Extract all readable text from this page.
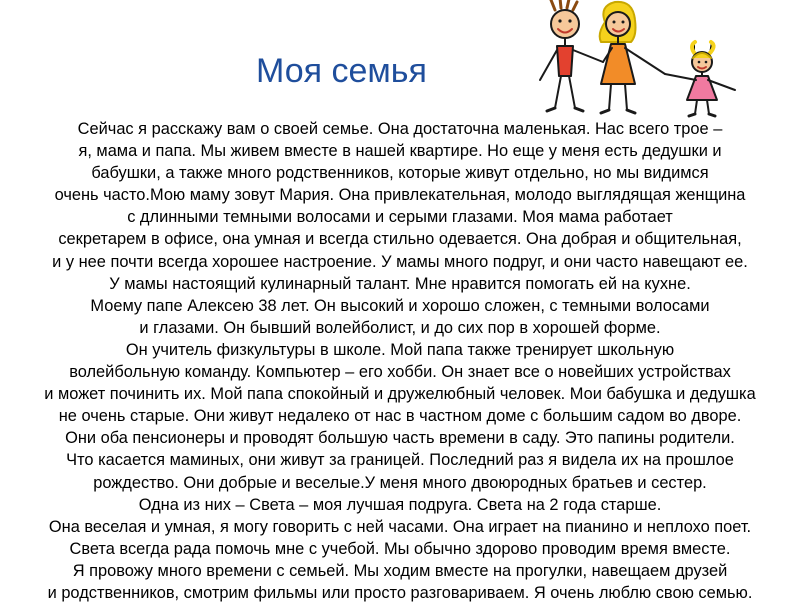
Моя семья
Сейчас я расскажу вам о своей семье. Она достаточна маленькая. Нас всего трое –
я, мама и папа. Мы живем вместе в нашей квартире. Но еще у меня есть дедушки и
бабушки, а также много родственников, которые живут отдельно, но мы видимся
очень часто.Мою маму зовут Мария. Она привлекательная, молодо выглядящая женщина
с длинными темными волосами и серыми глазами. Моя мама работает
секретарем в офисе, она умная и всегда стильно одевается. Она добрая и общительная,
и у нее почти всегда хорошее настроение. У мамы много подруг, и они часто навещают ее.
У мамы настоящий кулинарный талант. Мне нравится помогать ей на кухне.
Моему папе Алексею 38 лет. Он высокий и хорошо сложен, с темными волосами
и глазами. Он бывший волейболист, и до сих пор в хорошей форме.
Он учитель физкультуры в школе. Мой папа также тренирует школьную
волейбольную команду. Компьютер – его хобби. Он знает все о новейших устройствах
и может починить их. Мой папа спокойный и дружелюбный человек. Мои бабушка и дедушка
не очень старые. Они живут недалеко от нас в частном доме с большим садом во дворе.
Они оба пенсионеры и проводят большую часть времени в саду. Это папины родители.
Что касается маминых, они живут за границей. Последний раз я видела их на прошлое
рождество. Они добрые и веселые.У меня много двоюродных братьев и сестер.
Одна из них – Света – моя лучшая подруга. Света на 2 года старше.
Она веселая и умная, я могу говорить с ней часами. Она играет на пианино и неплохо поет.
Света всегда рада помочь мне с учебой. Мы обычно здорово проводим время вместе.
Я провожу много времени с семьей. Мы ходим вместе на прогулки, навещаем друзей
и родственников, смотрим фильмы или просто разговариваем. Я очень люблю свою семью.
